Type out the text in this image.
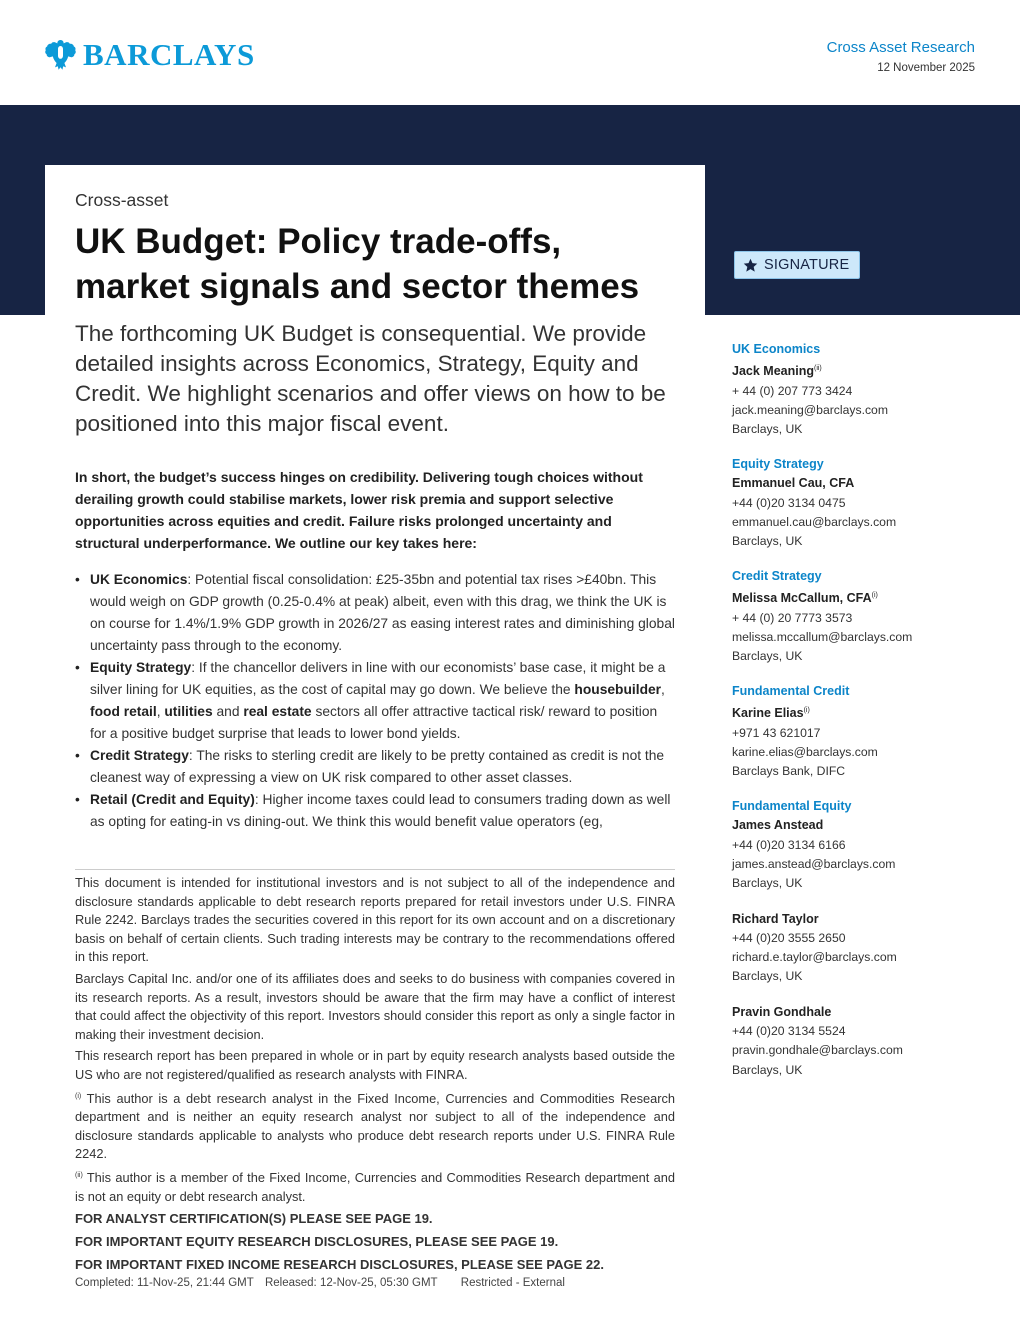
BARCLAYS	Cross Asset Research
12 November 2025
Cross-asset
UK Budget: Policy trade-offs,
market signals and sector themes
SIGNATURE
The forthcoming UK Budget is consequential. We provide detailed insights across Economics, Strategy, Equity and Credit. We highlight scenarios and offer views on how to be positioned into this major fiscal event.
In short, the budget’s success hinges on credibility. Delivering tough choices without derailing growth could stabilise markets, lower risk premia and support selective opportunities across equities and credit. Failure risks prolonged uncertainty and structural underperformance. We outline our key takes here:
• UK Economics: Potential fiscal consolidation: £25-35bn and potential tax rises >£40bn. This would weigh on GDP growth (0.25-0.4% at peak) albeit, even with this drag, we think the UK is on course for 1.4%/1.9% GDP growth in 2026/27 as easing interest rates and diminishing global uncertainty pass through to the economy.
• Equity Strategy: If the chancellor delivers in line with our economists’ base case, it might be a silver lining for UK equities, as the cost of capital may go down. We believe the housebuilder, food retail, utilities and real estate sectors all offer attractive tactical risk/ reward to position for a positive budget surprise that leads to lower bond yields.
• Credit Strategy: The risks to sterling credit are likely to be pretty contained as credit is not the cleanest way of expressing a view on UK risk compared to other asset classes.
• Retail (Credit and Equity): Higher income taxes could lead to consumers trading down as well as opting for eating-in vs dining-out. We think this would benefit value operators (eg,

This document is intended for institutional investors and is not subject to all of the independence and disclosure standards applicable to debt research reports prepared for retail investors under U.S. FINRA Rule 2242. Barclays trades the securities covered in this report for its own account and on a discretionary basis on behalf of certain clients. Such trading interests may be contrary to the recommendations offered in this report.

Barclays Capital Inc. and/or one of its affiliates does and seeks to do business with companies covered in its research reports. As a result, investors should be aware that the firm may have a conflict of interest that could affect the objectivity of this report. Investors should consider this report as only a single factor in making their investment decision.

This research report has been prepared in whole or in part by equity research analysts based outside the US who are not registered/qualified as research analysts with FINRA.

$^{(i)}$ This author is a debt research analyst in the Fixed Income, Currencies and Commodities Research department and is neither an equity research analyst nor subject to all of the independence and disclosure standards applicable to analysts who produce debt research reports under U.S. FINRA Rule 2242.

$^{(ii)}$ This author is a member of the Fixed Income, Currencies and Commodities Research department and is not an equity or debt research analyst.

FOR ANALYST CERTIFICATION(S) PLEASE SEE PAGE 19.
FOR IMPORTANT EQUITY RESEARCH DISCLOSURES, PLEASE SEE PAGE 19.
FOR IMPORTANT FIXED INCOME RESEARCH DISCLOSURES, PLEASE SEE PAGE 22.
Completed: 11-Nov-25, 21:44 GMT Released: 12-Nov-25, 05:30 GMT Restricted - External
UK Economics
Jack Meaning$^{(ii)}$
+ 44 (0) 207 773 3424
jack.meaning@barclays.com
Barclays, UK
Equity Strategy
Emmanuel Cau, CFA
+44 (0)20 3134 0475
emmanuel.cau@barclays.com
Barclays, UK
Credit Strategy
Melissa McCallum, $CFA^{(i)}$
+ 44 (0) 20 7773 3573
melissa.mccallum@barclays.com
Barclays, UK
Fundamental Credit
Karine Elias$^{(i)}$
+971 43 621017
karine.elias@barclays.com
Barclays Bank, DIFC
Fundamental Equity
James Anstead
+44 (0)20 3134 6166
james.anstead@barclays.com
Barclays, UK
Richard Taylor
+44 (0)20 3555 2650
richard.e.taylor@barclays.com
Barclays, UK
Pravin Gondhale
+44 (0)20 3134 5524
pravin.gondhale@barclays.com
Barclays, UK
